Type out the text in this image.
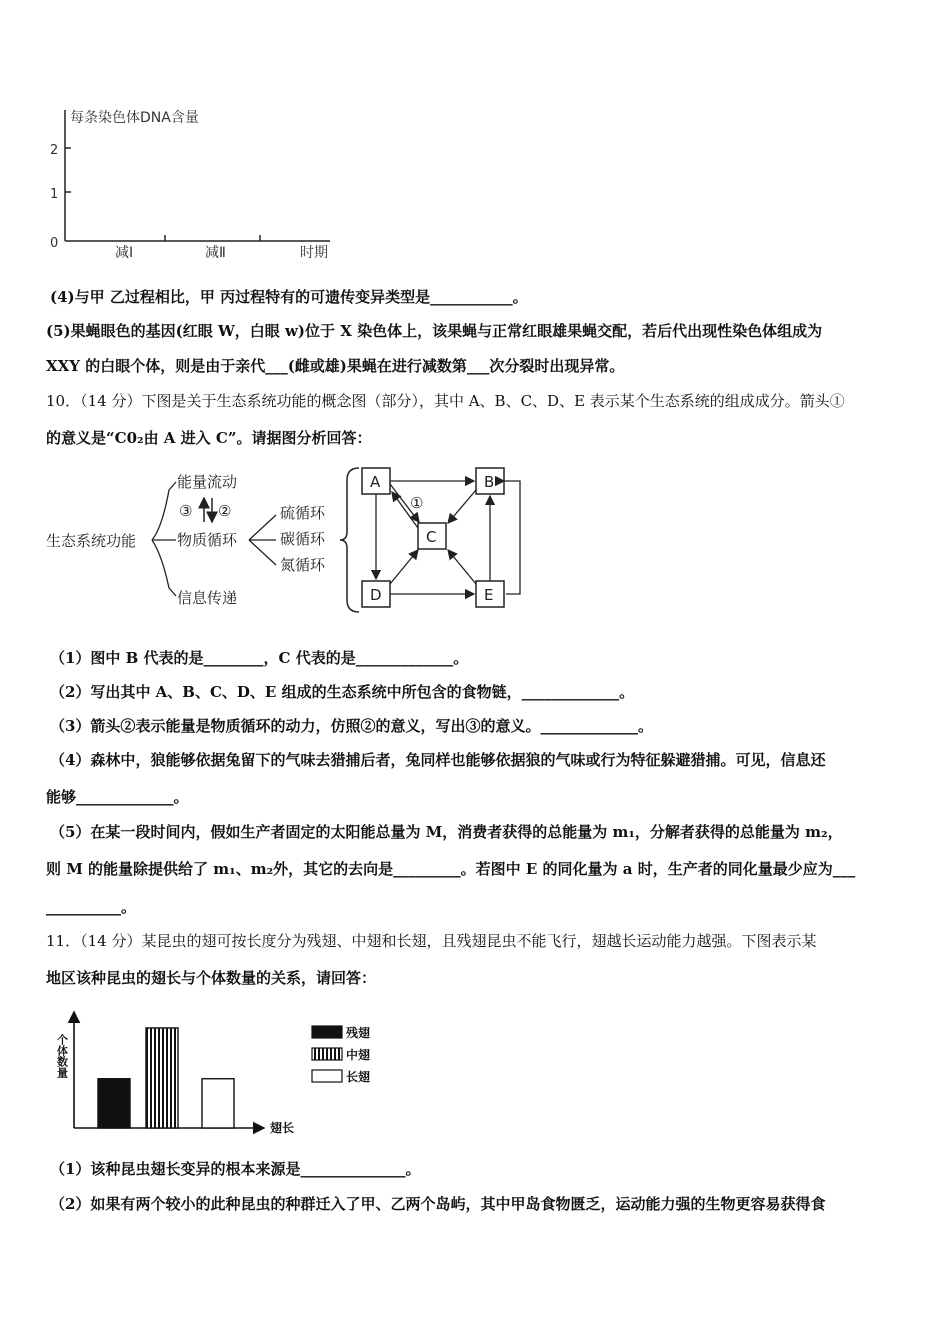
每条染色体DNA含量
2
1
0
减Ⅰ	减Ⅱ	时期
(4)与甲 乙过程相比，甲 丙过程特有的可遗传变异类型是___________。
(5)果蝇眼色的基因(红眼 W，白眼 w)位于 X 染色体上，该果蝇与正常红眼雄果蝇交配，若后代出现性染色体组成为
XXY 的白眼个体，则是由于亲代___(雌或雄)果蝇在进行减数第___次分裂时出现异常。
10．（14 分）下图是关于生态系统功能的概念图（部分），其中 A、B、C、D、E 表示某个生态系统的组成成分。箭头①
的意义是“C0₂由 A 进入 C”。请据图分析回答：
生态系统功能
能量流动
物质循环
信息传递
③ ②	硫循环
碳循环
氮循环
A	B
C
D	E
①
（1）图中 B 代表的是________，C 代表的是_____________。
（2）写出其中 A、B、C、D、E 组成的生态系统中所包含的食物链，_____________。
（3）箭头②表示能量是物质循环的动力，仿照②的意义，写出③的意义。_____________。
（4）森林中，狼能够依据兔留下的气味去猎捕后者，兔同样也能够依据狼的气味或行为特征躲避猎捕。可见，信息还
能够_____________。
（5）在某一段时间内，假如生产者固定的太阳能总量为 M，消费者获得的总能量为 m₁，分解者获得的总能量为 m₂，
则 M 的能量除提供给了 m₁、m₂外，其它的去向是_________。若图中 E 的同化量为 a 时，生产者的同化量最少应为___
__________。
11．（14 分）某昆虫的翅可按长度分为残翅、中翅和长翅，且残翅昆虫不能飞行，翅越长运动能力越强。下图表示某
地区该种昆虫的翅长与个体数量的关系，请回答：
个体数量
翅长
残翅
中翅
长翅
（1）该种昆虫翅长变异的根本来源是______________。
（2）如果有两个较小的此种昆虫的种群迁入了甲、乙两个岛屿，其中甲岛食物匮乏，运动能力强的生物更容易获得食
